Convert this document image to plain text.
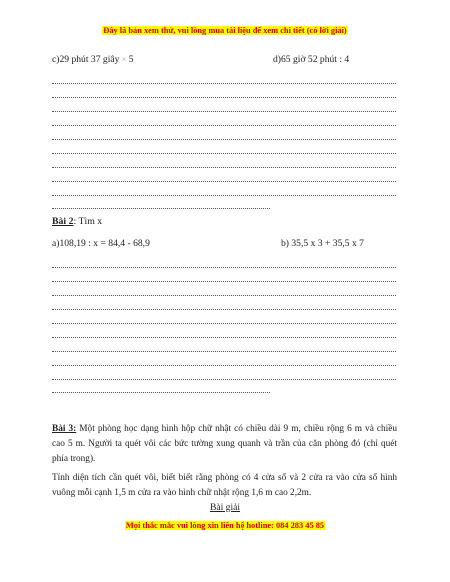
Đây là bản xem thử, vui lòng mua tài liệu để xem chi tiết (có lời giải)
c)29 phút 37 giây × 5	d)65 giờ 52 phút : 4
Bài 2: Tìm x
a)108,19 : x = 84,4 - 68,9	b) 35,5 x 3 + 35,5 x 7
Bài 3: Một phòng học dạng hình hộp chữ nhật có chiều dài 9 m, chiều rộng 6 m và chiều cao 5 m. Người ta quét vôi các bức tường xung quanh và trần của căn phòng đó (chỉ quét phía trong).
Tính diện tích cần quét vôi, biết biết rằng phòng có 4 cửa sổ và 2 cửa ra vào cửa sổ hình vuông mỗi cạnh 1,5 m cửa ra vào hình chữ nhật rộng 1,6 m cao 2,2m.
Bài giải
Mọi thắc mắc vui lòng xin liên hệ hotline: 084 283 45 85
